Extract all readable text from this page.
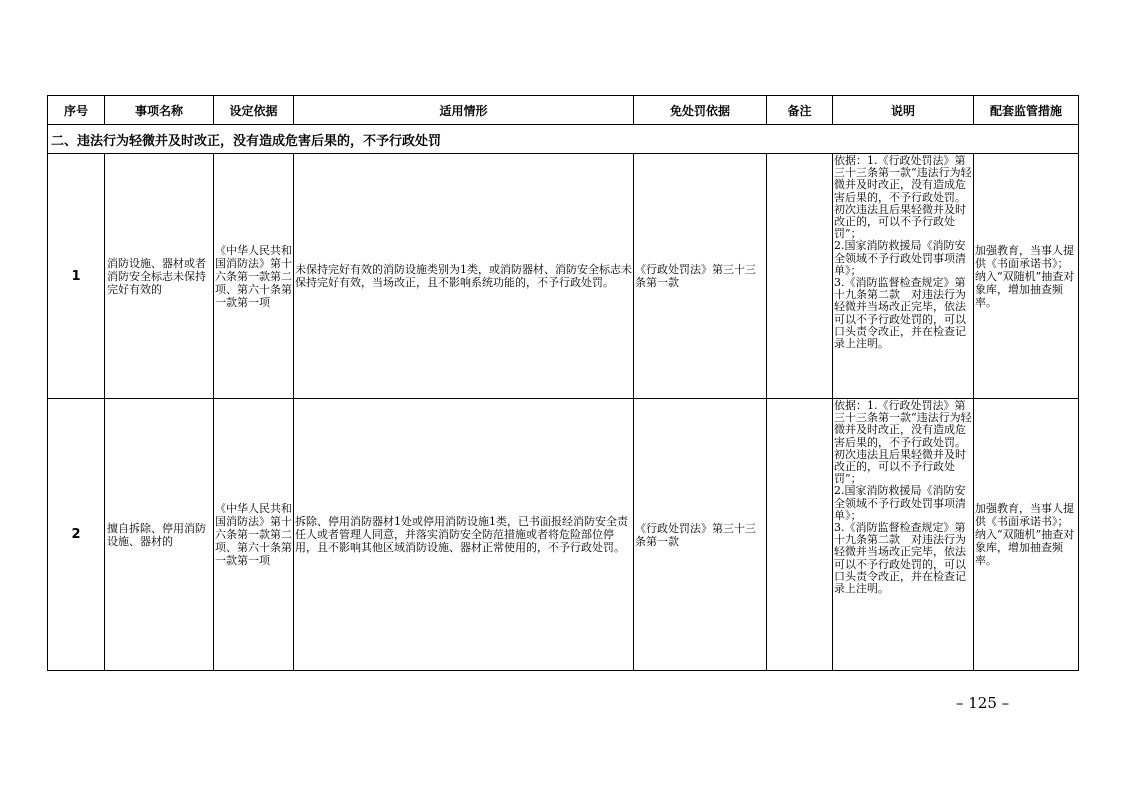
序号	事项名称	设定依据	适用情形	免处罚依据	备注	说明	配套监管措施
二、违法行为轻微并及时改正，没有造成危害后果的，不予行政处罚							
1	消防设施、器材或者消防安全标志未保持完好有效的	《中华人民共和国消防法》第十六条第一款第二项、第六十条第一款第一项	未保持完好有效的消防设施类别为1类，或消防器材、消防安全标志未保持完好有效，当场改正，且不影响系统功能的，不予行政处罚。	《行政处罚法》第三十三条第一款		依据：1.《行政处罚法》第三十三条第一款“违法行为轻微并及时改正，没有造成危害后果的，不予行政处罚。初次违法且后果轻微并及时改正的，可以不予行政处罚”；
2.国家消防救援局《消防安全领域不予行政处罚事项清单》；
3.《消防监督检查规定》第十九条第二款　对违法行为轻微并当场改正完毕，依法可以不予行政处罚的，可以口头责令改正，并在检查记录上注明。	加强教育，当事人提供《书面承诺书》；纳入“双随机”抽查对象库，增加抽查频率。
2	擅自拆除、停用消防设施、器材的	《中华人民共和国消防法》第十六条第一款第二项、第六十条第一款第一项	拆除、停用消防器材1处或停用消防设施1类，已书面报经消防安全责任人或者管理人同意，并落实消防安全防范措施或者将危险部位停用，且不影响其他区域消防设施、器材正常使用的，不予行政处罚。	《行政处罚法》第三十三条第一款		依据：1.《行政处罚法》第三十三条第一款“违法行为轻微并及时改正，没有造成危害后果的，不予行政处罚。初次违法且后果轻微并及时改正的，可以不予行政处罚”；
2.国家消防救援局《消防安全领域不予行政处罚事项清单》；
3.《消防监督检查规定》第十九条第二款　对违法行为轻微并当场改正完毕，依法可以不予行政处罚的，可以口头责令改正，并在检查记录上注明。	加强教育，当事人提供《书面承诺书》；纳入“双随机”抽查对象库，增加抽查频率。
– 125 –
